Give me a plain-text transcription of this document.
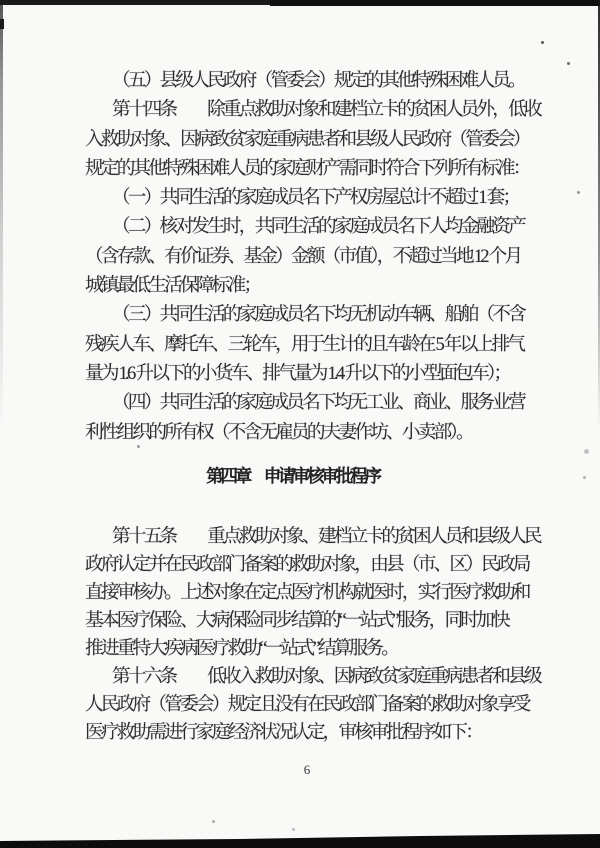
（五）县级人民政府（管委会）规定的其他特殊困难人员。
第十四条　　除重点救助对象和建档立卡的贫困人员外，低收
入救助对象、因病致贫家庭重病患者和县级人民政府（管委会）
规定的其他特殊困难人员的家庭财产需同时符合下列所有标准：
（一）共同生活的家庭成员名下产权房屋总计不超过 1 套；
（二）核对发生时，共同生活的家庭成员名下人均金融资产
（含存款、有价证券、基金）金额（市值），不超过当地 12 个月
城镇最低生活保障标准；
（三）共同生活的家庭成员名下均无机动车辆、船舶（不含
残疾人车、摩托车、三轮车，用于生计的且车龄在 5 年以上排气
量为 1.6 升以下的小货车、排气量为 1.4 升以下的小型面包车）；
（四）共同生活的家庭成员名下均无工业、商业、服务业营
利性组织的所有权（不含无雇员的夫妻作坊、小卖部）。
第四章　申请审核审批程序
第十五条　　重点救助对象、建档立卡的贫困人员和县级人民
政府认定并在民政部门备案的救助对象，由县（市、区）民政局
直接审核办。上述对象在定点医疗机构就医时，实行医疗救助和
基本医疗保险、大病保险同步结算的“一站式”服务，同时加快
推进重特大疾病医疗救助“一站式”结算服务。
第十六条　　低收入救助对象、因病致贫家庭重病患者和县级
人民政府（管委会）规定且没有在民政部门备案的救助对象享受
医疗救助需进行家庭经济状况认定，审核审批程序如下：
6
